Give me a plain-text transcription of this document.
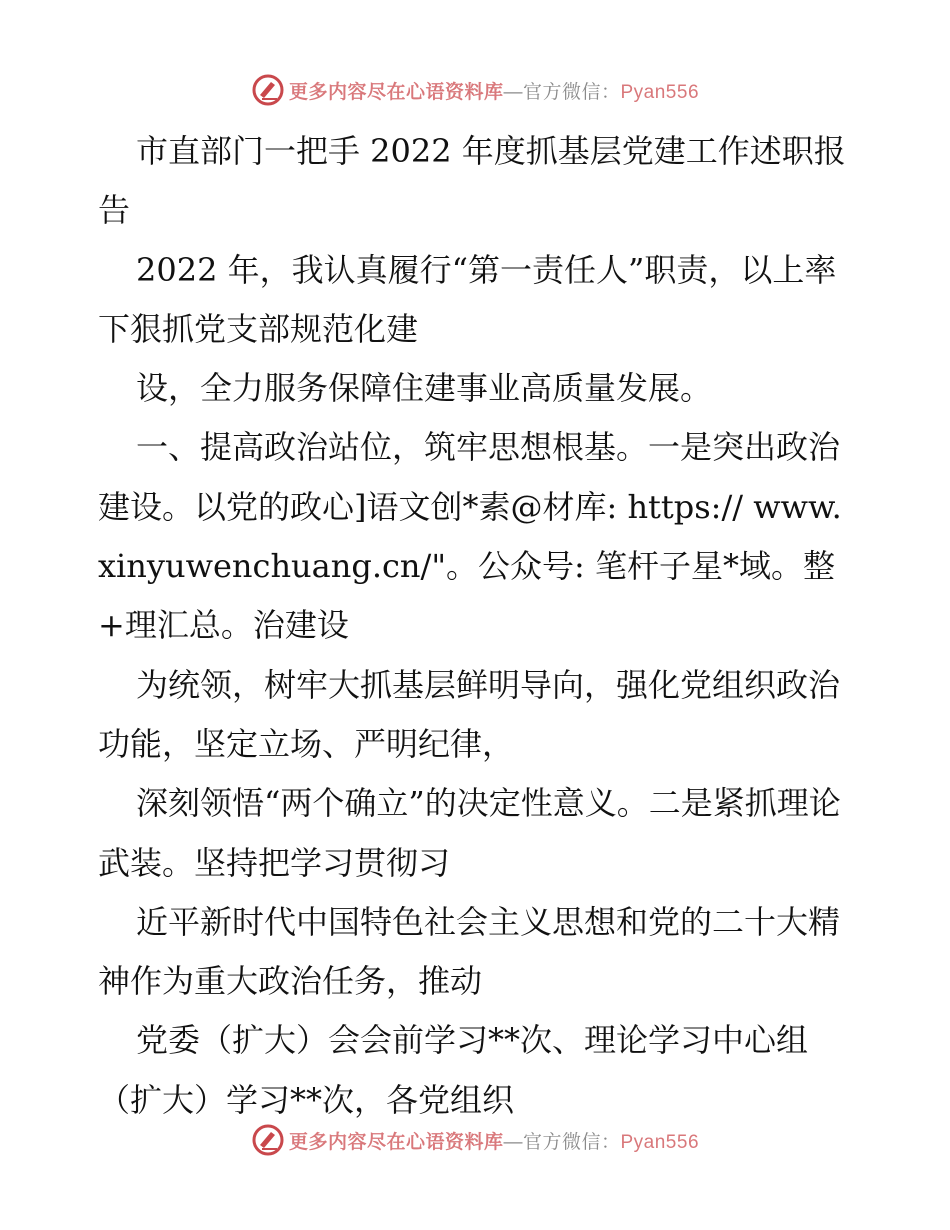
更多内容尽在心语资料库—官方微信：Pyan556

市直部门一把手 2022 年度抓基层党建工作述职报告

2022 年，我认真履行“第一责任人”职责，以上率下狠抓党支部规范化建

设，全力服务保障住建事业高质量发展。

一、提高政治站位，筑牢思想根基。一是突出政治建设。以党的政心]语文创*素@材库: https:// www.xinyuwenchuang.cn/"。公众号: 笔杆子星*域。整+理汇总。治建设

为统领，树牢大抓基层鲜明导向，强化党组织政治功能，坚定立场、严明纪律，

深刻领悟“两个确立”的决定性意义。二是紧抓理论武装。坚持把学习贯彻习

近平新时代中国特色社会主义思想和党的二十大精神作为重大政治任务，推动

党委（扩大）会会前学习**次、理论学习中心组（扩大）学习**次，各党组织

更多内容尽在心语资料库—官方微信：Pyan556
